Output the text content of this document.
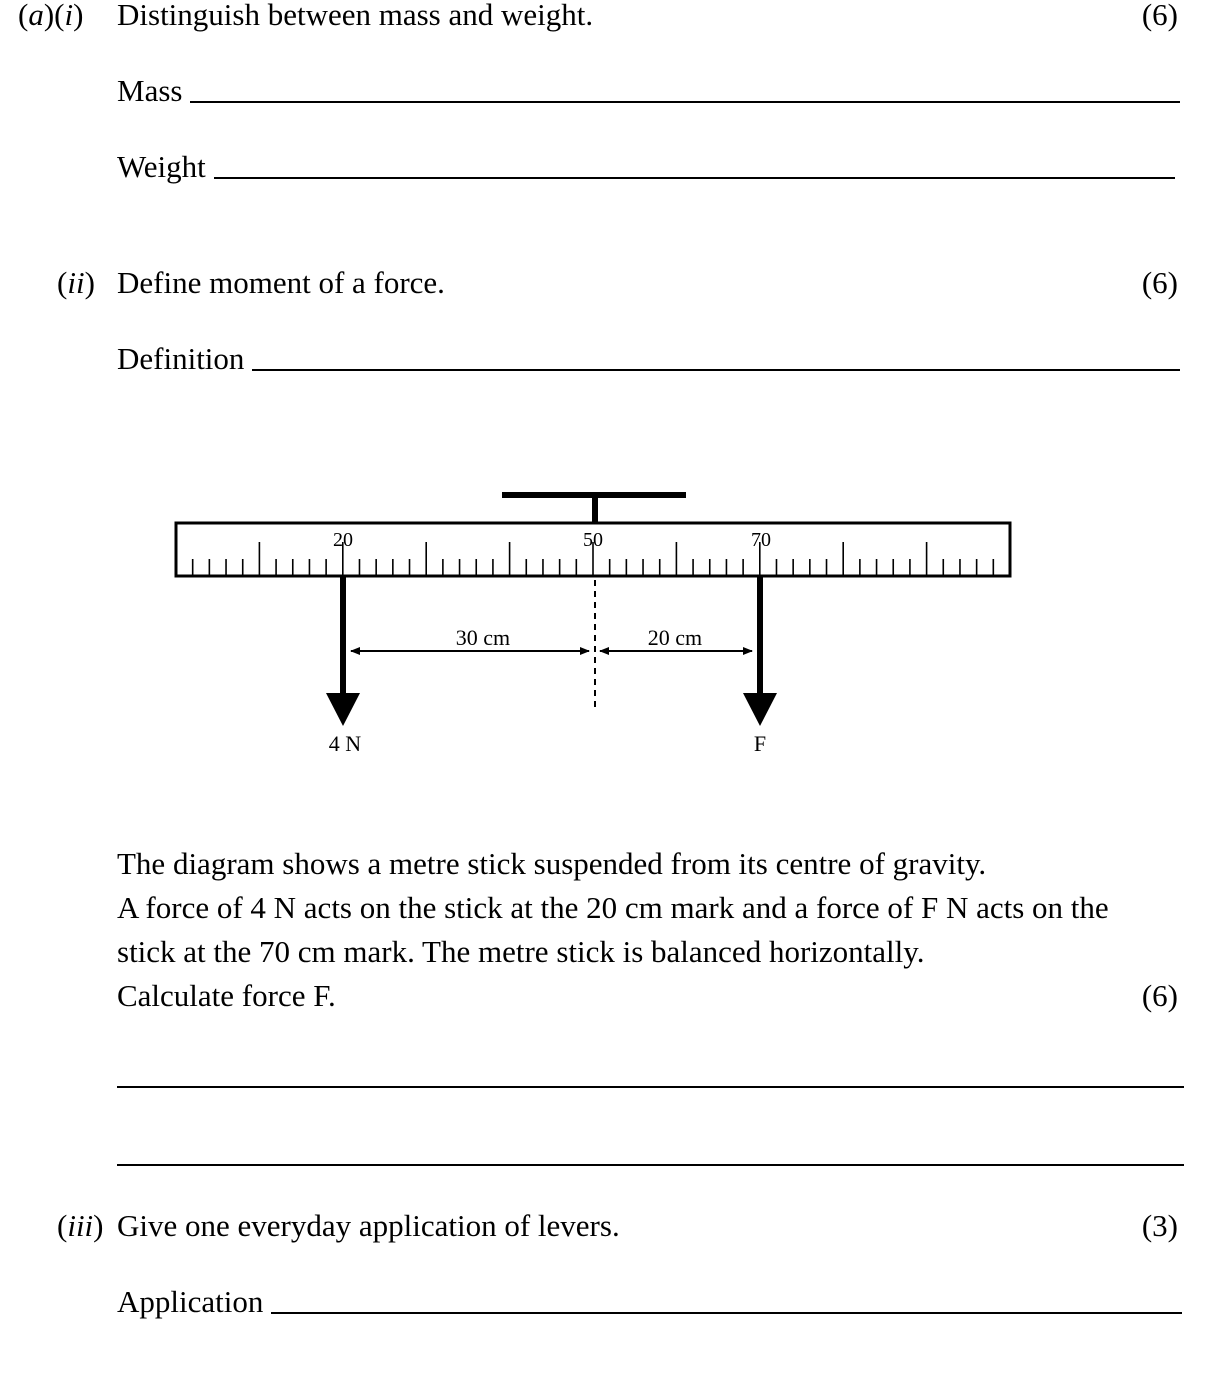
(a)(i) Distinguish between mass and weight.	(6)
Mass
Weight
(ii) Define moment of a force.	(6)
Definition
20	50	70
30 cm	20 cm
4 N	F
The diagram shows a metre stick suspended from its centre of gravity.
A force of 4 N acts on the stick at the 20 cm mark and a force of F N acts on the
stick at the 70 cm mark. The metre stick is balanced horizontally.
Calculate force F.	(6)
(iii) Give one everyday application of levers.	(3)
Application
